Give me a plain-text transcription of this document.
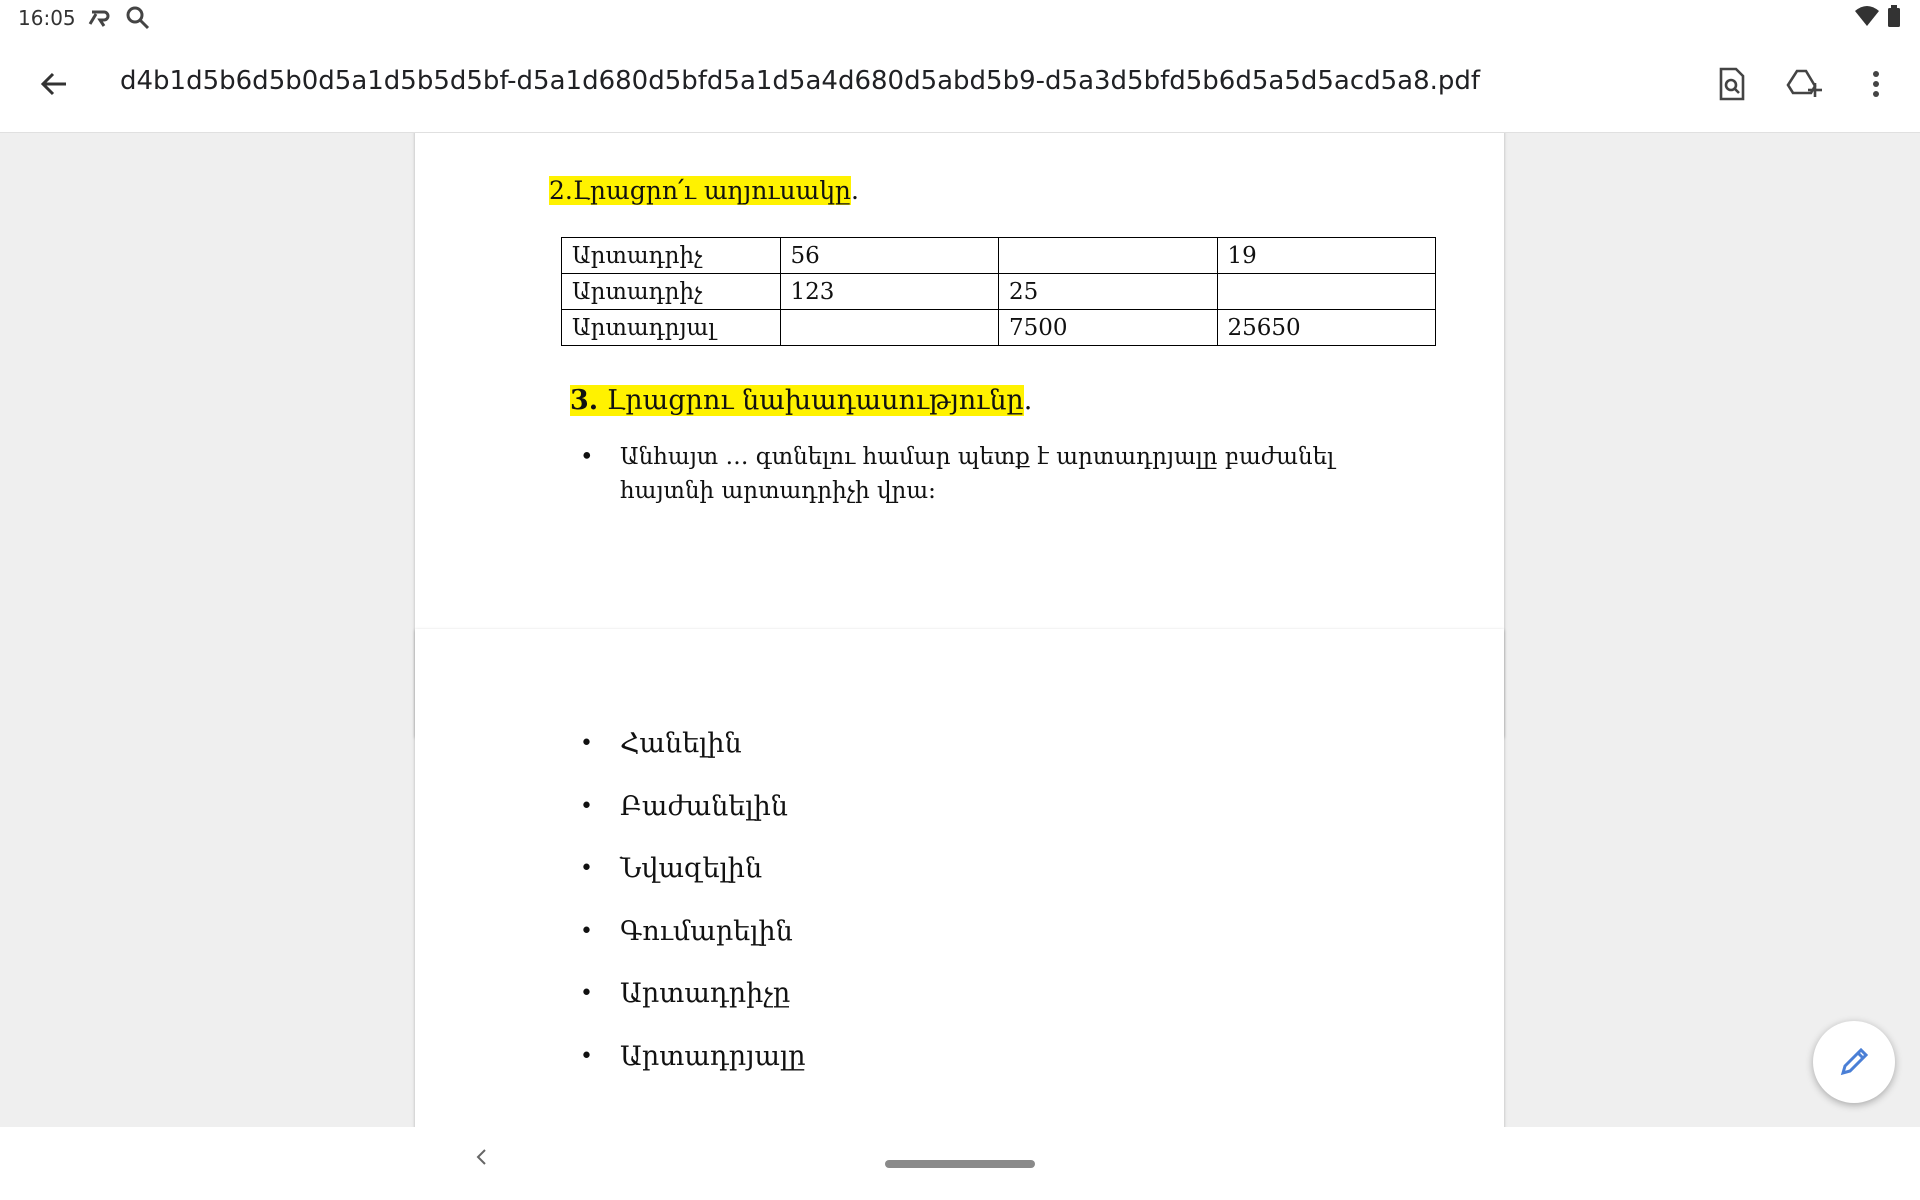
16:05
d4b1d5b6d5b0d5a1d5b5d5bf-d5a1d680d5bfd5a1d5a4d680d5abd5b9-d5a3d5bfd5b6d5a5d5acd5a8.pdf
2.Լրացրո՛ւ աղյուսակը.
Արտադրիչ	56		19
Արտադրիչ	123	25	
Արտադրյալ		7500	25650
3. Լրացրու նախադասությունը.
• Անհայտ … գտնելու համար պետք է արտադրյալը բաժանել
հայտնի արտադրիչի վրա։
• Հանելին
• Բաժանելին
• Նվազելին
• Գումարելին
• Արտադրիչը
• Արտադրյալը
